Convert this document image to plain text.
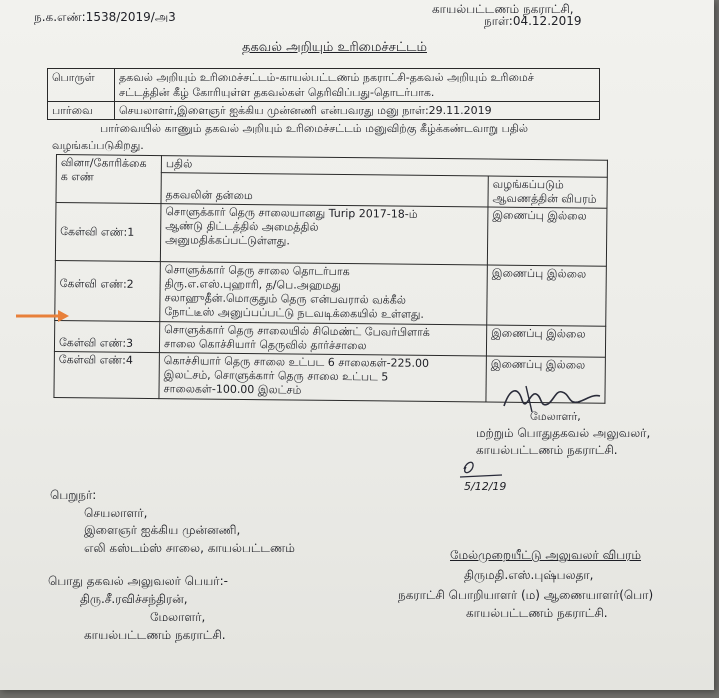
ந.க.எண்:1538/2019/அ3
காயல்பட்டணம் நகராட்சி,
நாள்:04.12.2019
தகவல் அறியும் உரிமைச்சட்டம்
பொருள்	தகவல் அறியும் உரிமைச்சட்டம்-காயல்பட்டணம் நகராட்சி-தகவல் அறியும் உரிமைச்
சட்டத்தின் கீழ் கோரியுள்ள தகவல்கள் தெரிவிப்பது-தொடர்பாக.

பார்வை	செயலாளர்,இளைஞர் ஐக்கிய முன்னணி என்பவரது மனு நாள்:29.11.2019
பார்வையில் காணும் தகவல் அறியும் உரிமைச்சட்டம் மனுவிற்கு கீழ்க்கண்டவாறு பதில்
வழங்கப்படுகிறது.
வினா/கோரிக்கை
க எண்	பதில்	
	தகவலின் தன்மை	வழங்கப்படும்
ஆவணத்தின் விபரம்

கேள்வி எண்:1	சொளுக்கார் தெரு சாலையானது Turip 2017-18-ம்
ஆண்டு திட்டத்தில் அமைத்தில்
அனுமதிக்கப்பட்டுள்ளது.	இணைப்பு இல்லை
கேள்வி எண்:2	சொளுக்கார் தெரு சாலை தொடர்பாக
திரு.எ.எஸ்.புஹாரி, த/பெ.அஹமது
சலாஹுதீன்.மொகுதும் தெரு என்பவரால் வக்கீல்
நோட்டீஸ் அனுப்பப்பட்டு நடவடிக்கையில் உள்ளது.	இணைப்பு இல்லை
கேள்வி எண்:3	சொளுக்கார் தெரு சாலையில் சிமெண்ட் பேவர்பிளாக்
சாலை கொச்சியார் தெருவில் தார்ச்சாலை	இணைப்பு இல்லை
கேள்வி எண்:4	கொச்சியார் தெரு சாலை உட்பட 6 சாலைகள்-225.00
இலட்சம், சொளுக்கார் தெரு சாலை உட்பட 5
சாலைகள்-100.00 இலட்சம்	இணைப்பு இல்லை
மேலாளர்,
மற்றும் பொதுதகவல் அலுவலர்,
காயல்பட்டணம் நகராட்சி.
5/12/19
பெறுநர்:
செயலாளர்,
இளைஞர் ஐக்கிய முன்னணி,
எலி கஸ்டம்ஸ் சாலை, காயல்பட்டணம்
பொது தகவல் அலுவலர் பெயர்:-
திரு.சீ.ரவிச்சந்திரன்,
மேலாளர்,
காயல்பட்டணம் நகராட்சி.
மேல்முறையீட்டு அலுவலர் விபரம்
திருமதி.எஸ்.புஷ்பலதா,
நகராட்சி பொறியாளர் (ம) ஆணையாளர்(பொ)
காயல்பட்டணம் நகராட்சி.
